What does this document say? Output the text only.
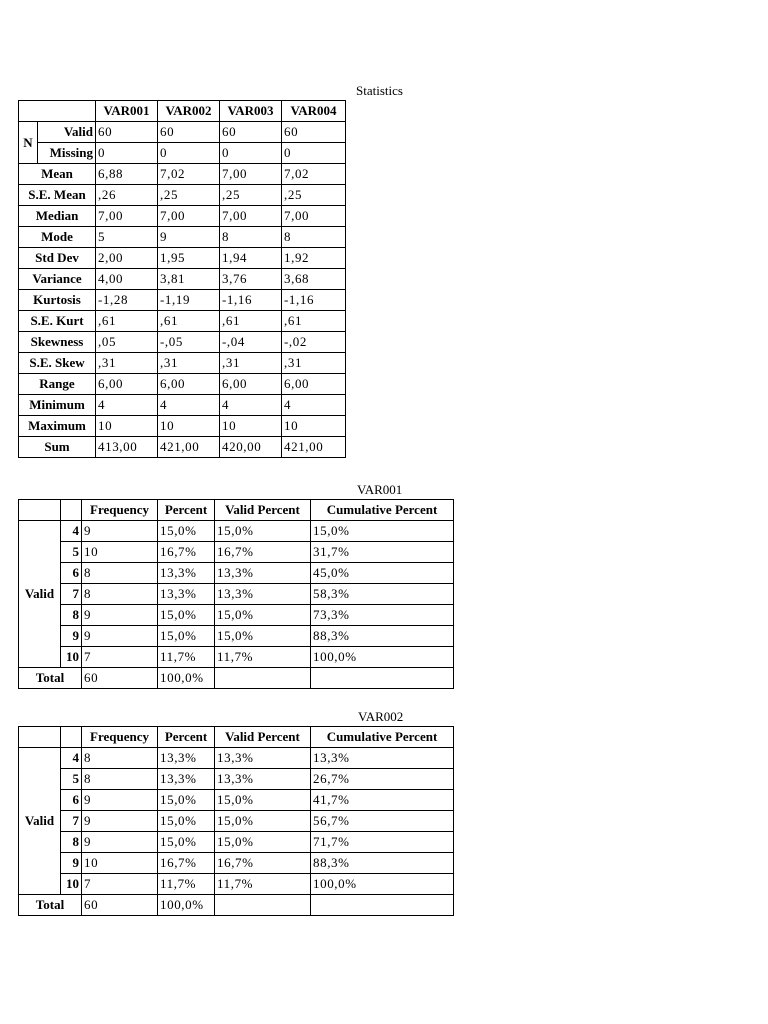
Statistics
		VAR001	VAR002	VAR003	VAR004
N	Valid	60	60	60	60
	Missing	0	0	0	0
Mean		6,88	7,02	7,00	7,02
S.E. Mean		,26	,25	,25	,25
Median		7,00	7,00	7,00	7,00
Mode		5	9	8	8
Std Dev		2,00	1,95	1,94	1,92
Variance		4,00	3,81	3,76	3,68
Kurtosis		-1,28	-1,19	-1,16	-1,16
S.E. Kurt		,61	,61	,61	,61
Skewness		,05	-,05	-,04	-,02
S.E. Skew		,31	,31	,31	,31
Range		6,00	6,00	6,00	6,00
Minimum		4	4	4	4
Maximum		10	10	10	10
Sum		413,00	421,00	420,00	421,00
VAR001
		Frequency	Percent	Valid Percent	Cumulative Percent
Valid	4	9	15,0%	15,0%	15,0%
	5	10	16,7%	16,7%	31,7%
	6	8	13,3%	13,3%	45,0%
	7	8	13,3%	13,3%	58,3%
	8	9	15,0%	15,0%	73,3%
	9	9	15,0%	15,0%	88,3%
	10	7	11,7%	11,7%	100,0%
Total		60	100,0%		
VAR002
		Frequency	Percent	Valid Percent	Cumulative Percent
Valid	4	8	13,3%	13,3%	13,3%
	5	8	13,3%	13,3%	26,7%
	6	9	15,0%	15,0%	41,7%
	7	9	15,0%	15,0%	56,7%
	8	9	15,0%	15,0%	71,7%
	9	10	16,7%	16,7%	88,3%
	10	7	11,7%	11,7%	100,0%
Total		60	100,0%		
